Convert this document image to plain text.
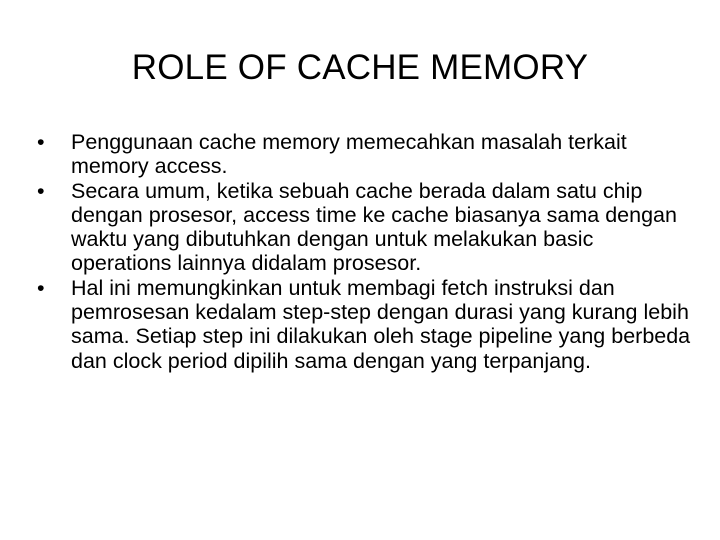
ROLE OF CACHE MEMORY
•	Penggunaan cache memory memecahkan masalah terkait memory access.
•	Secara umum, ketika sebuah cache berada dalam satu chip dengan prosesor, access time ke cache biasanya sama dengan waktu yang dibutuhkan dengan untuk melakukan basic operations lainnya didalam prosesor.
•	Hal ini memungkinkan untuk membagi fetch instruksi dan pemrosesan kedalam step-step dengan durasi yang kurang lebih sama. Setiap step ini dilakukan oleh stage pipeline yang berbeda dan clock period dipilih sama dengan yang terpanjang.
